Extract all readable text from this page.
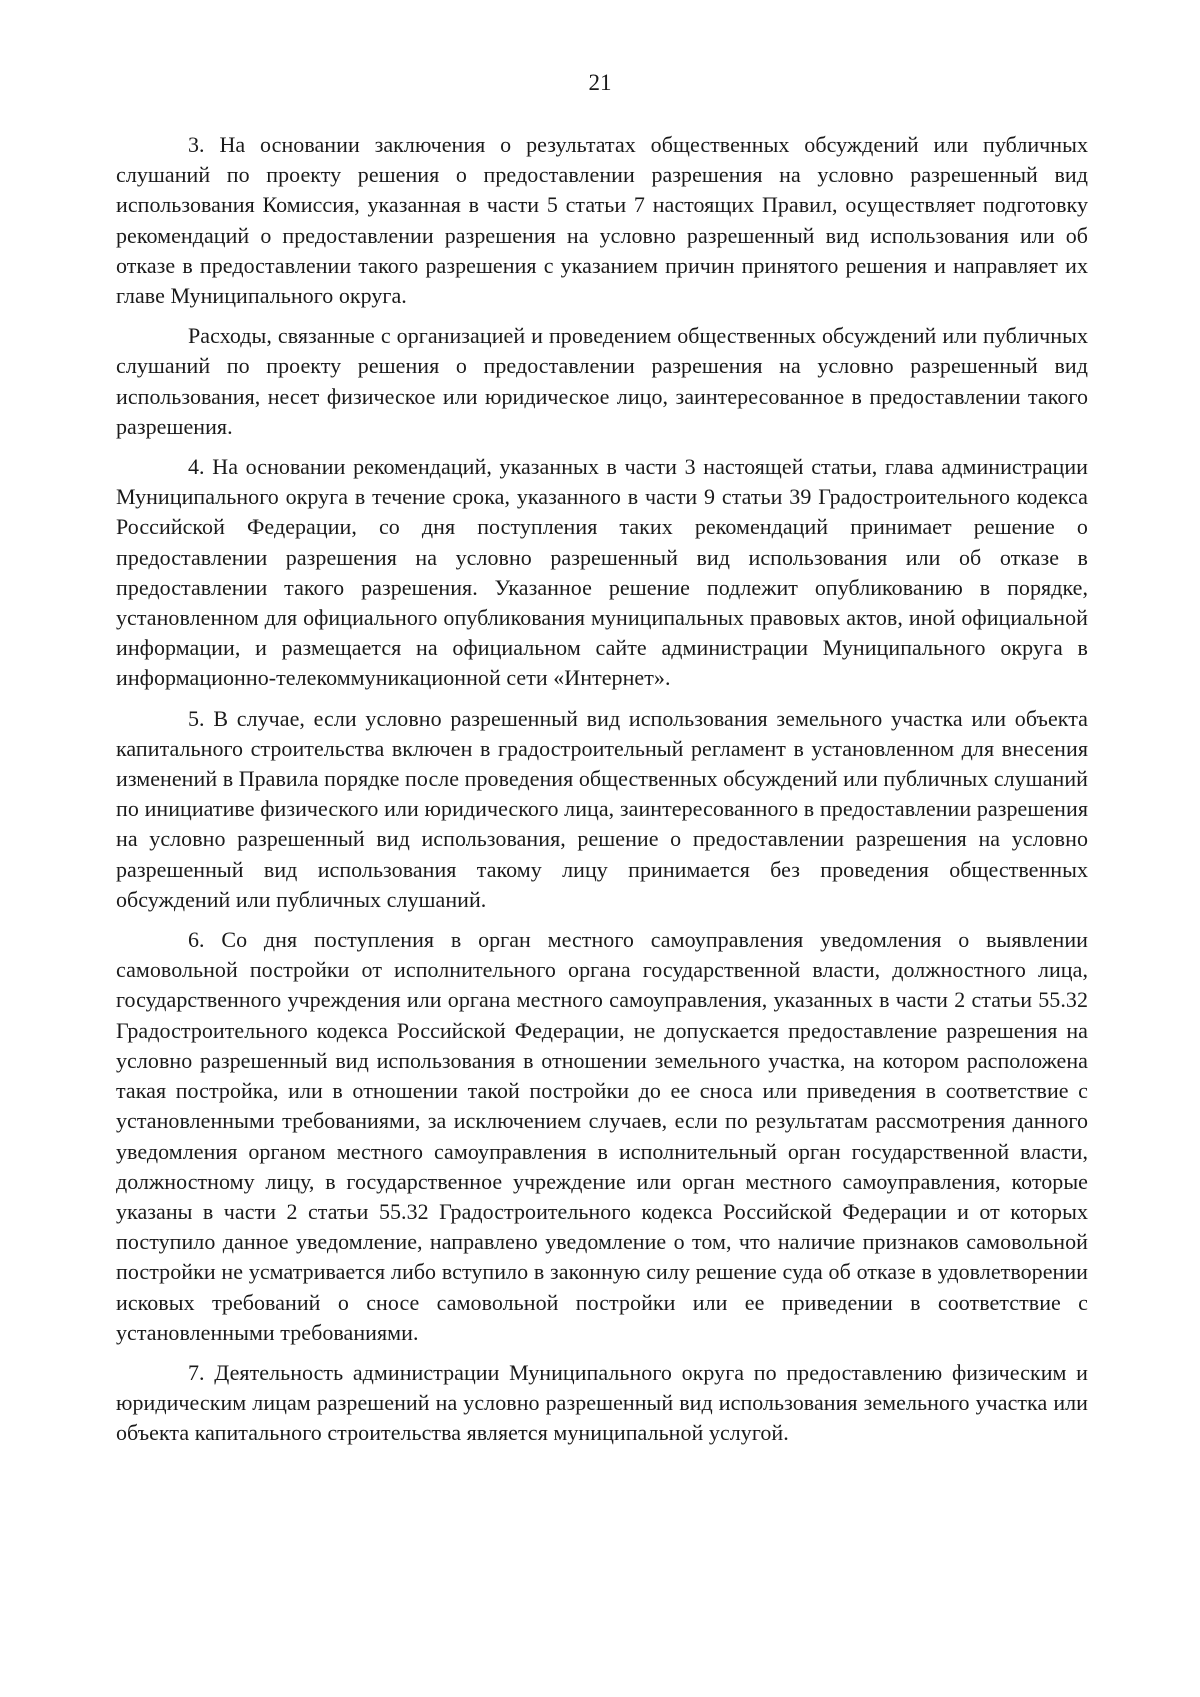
21

3. На основании заключения о результатах общественных обсуждений или публичных слушаний по проекту решения о предоставлении разрешения на условно разрешенный вид использования Комиссия, указанная в части 5 статьи 7 настоящих Правил, осуществляет подготовку рекомендаций о предоставлении разрешения на условно разрешенный вид использования или об отказе в предоставлении такого разрешения с указанием причин принятого решения и направляет их главе Муниципального округа.

Расходы, связанные с организацией и проведением общественных обсуждений или публичных слушаний по проекту решения о предоставлении разрешения на условно разрешенный вид использования, несет физическое или юридическое лицо, заинтересованное в предоставлении такого разрешения.

4. На основании рекомендаций, указанных в части 3 настоящей статьи, глава администрации Муниципального округа в течение срока, указанного в части 9 статьи 39 Градостроительного кодекса Российской Федерации, со дня поступления таких рекомендаций принимает решение о предоставлении разрешения на условно разрешенный вид использования или об отказе в предоставлении такого разрешения. Указанное решение подлежит опубликованию в порядке, установленном для официального опубликования муниципальных правовых актов, иной официальной информации, и размещается на официальном сайте администрации Муниципального округа в информационно-телекоммуникационной сети «Интернет».

5. В случае, если условно разрешенный вид использования земельного участка или объекта капитального строительства включен в градостроительный регламент в установленном для внесения изменений в Правила порядке после проведения общественных обсуждений или публичных слушаний по инициативе физического или юридического лица, заинтересованного в предоставлении разрешения на условно разрешенный вид использования, решение о предоставлении разрешения на условно разрешенный вид использования такому лицу принимается без проведения общественных обсуждений или публичных слушаний.

6. Со дня поступления в орган местного самоуправления уведомления о выявлении самовольной постройки от исполнительного органа государственной власти, должностного лица, государственного учреждения или органа местного самоуправления, указанных в части 2 статьи 55.32 Градостроительного кодекса Российской Федерации, не допускается предоставление разрешения на условно разрешенный вид использования в отношении земельного участка, на котором расположена такая постройка, или в отношении такой постройки до ее сноса или приведения в соответствие с установленными требованиями, за исключением случаев, если по результатам рассмотрения данного уведомления органом местного самоуправления в исполнительный орган государственной власти, должностному лицу, в государственное учреждение или орган местного самоуправления, которые указаны в части 2 статьи 55.32 Градостроительного кодекса Российской Федерации и от которых поступило данное уведомление, направлено уведомление о том, что наличие признаков самовольной постройки не усматривается либо вступило в законную силу решение суда об отказе в удовлетворении исковых требований о сносе самовольной постройки или ее приведении в соответствие с установленными требованиями.

7. Деятельность администрации Муниципального округа по предоставлению физическим и юридическим лицам разрешений на условно разрешенный вид использования земельного участка или объекта капитального строительства является муниципальной услугой.
